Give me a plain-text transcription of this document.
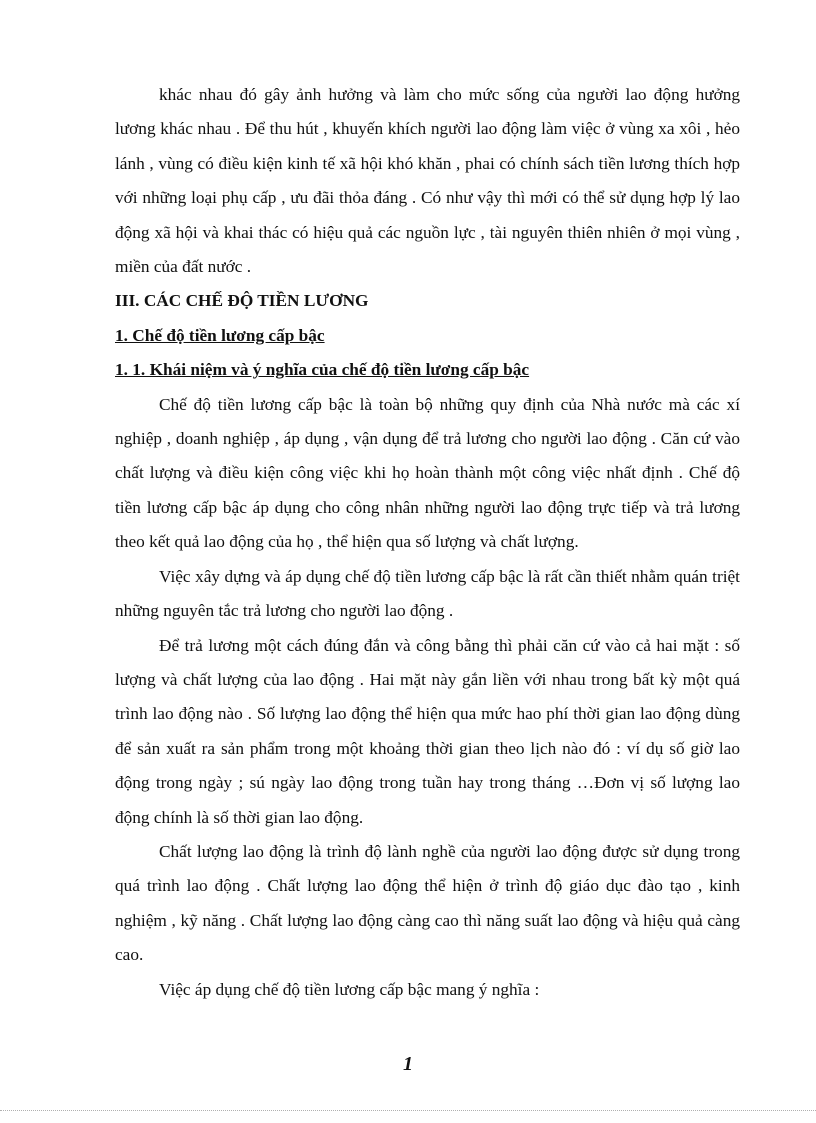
khác nhau đó gây ảnh hưởng và làm cho mức sống của người lao động hưởng lương khác nhau . Để thu hút , khuyến khích người lao động làm việc ở vùng xa xôi , hẻo lánh , vùng có điều kiện kinh tế xã hội khó khăn , phai có chính sách tiền lương thích hợp với những loại phụ cấp , ưu đãi thỏa đáng . Có như vậy thì mới có thể sử dụng hợp lý lao động xã hội và khai thác có hiệu quả các nguồn lực , tài nguyên thiên nhiên ở mọi vùng , miền của đất nước .

III. CÁC CHẾ ĐỘ TIỀN LƯƠNG

1. Chế độ tiền lương cấp bậc

1. 1. Khái niệm và ý nghĩa của chế độ tiền lương cấp bậc

Chế độ tiền lương cấp bậc là toàn bộ những quy định của Nhà nước mà các xí nghiệp , doanh nghiệp , áp dụng , vận dụng để trả lương cho người lao động . Căn cứ vào chất lượng và điều kiện công việc khi họ hoàn thành một công việc nhất định . Chế độ tiền lương cấp bậc áp dụng cho công nhân những người lao động trực tiếp và trả lương theo kết quả lao động của họ , thể hiện qua số lượng và chất lượng.

Việc xây dựng và áp dụng chế độ tiền lương cấp bậc là rất cần thiết nhằm quán triệt những nguyên tắc trả lương cho người lao động .

Để trả lương một cách đúng đắn và công bằng thì phải căn cứ vào cả hai mặt : số lượng và chất lượng của lao động . Hai mặt này gắn liền với nhau trong bất kỳ một quá trình lao động nào . Số lượng lao động thể hiện qua mức hao phí thời gian lao động dùng để sản xuất ra sản phẩm trong một khoảng thời gian theo lịch nào đó : ví dụ số giờ lao động trong ngày ; sú ngày lao động trong tuần hay trong tháng …Đơn vị số lượng lao động chính là số thời gian lao động.

Chất lượng lao động là trình độ lành nghề của người lao động được sử dụng trong quá trình lao động . Chất lượng lao động thể hiện ở trình độ giáo dục đào tạo , kinh nghiệm , kỹ năng . Chất lượng lao động càng cao thì năng suất lao động và hiệu quả càng cao.

Việc áp dụng chế độ tiền lương cấp bậc mang ý nghĩa :

1
